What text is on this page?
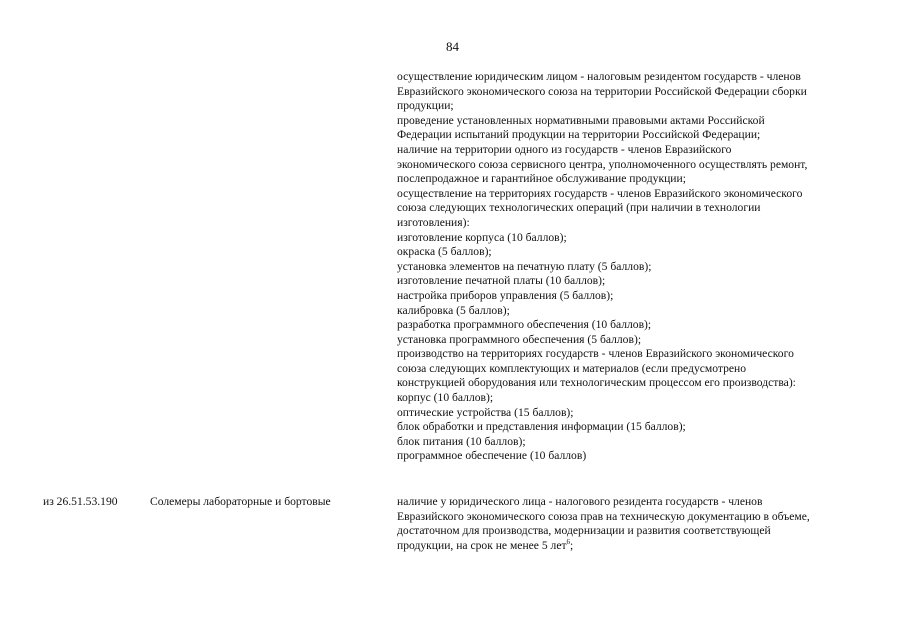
84
осуществление юридическим лицом - налоговым резидентом государств - членов
Евразийского экономического союза на территории Российской Федерации сборки
продукции;
проведение установленных нормативными правовыми актами Российской
Федерации испытаний продукции на территории Российской Федерации;
наличие на территории одного из государств - членов Евразийского
экономического союза сервисного центра, уполномоченного осуществлять ремонт,
послепродажное и гарантийное обслуживание продукции;
осуществление на территориях государств - членов Евразийского экономического
союза следующих технологических операций (при наличии в технологии
изготовления):
изготовление корпуса (10 баллов);
окраска (5 баллов);
установка элементов на печатную плату (5 баллов);
изготовление печатной платы (10 баллов);
настройка приборов управления (5 баллов);
калибровка (5 баллов);
разработка программного обеспечения (10 баллов);
установка программного обеспечения (5 баллов);
производство на территориях государств - членов Евразийского экономического
союза следующих комплектующих и материалов (если предусмотрено
конструкцией оборудования или технологическим процессом его производства):
корпус (10 баллов);
оптические устройства (15 баллов);
блок обработки и представления информации (15 баллов);
блок питания (10 баллов);
программное обеспечение (10 баллов)
из 26.51.53.190	Солемеры лабораторные и бортовые	наличие у юридического лица - налогового резидента государств - членов
Евразийского экономического союза прав на техническую документацию в объеме,
достаточном для производства, модернизации и развития соответствующей
продукции, на срок не менее 5 лет$^6$;
